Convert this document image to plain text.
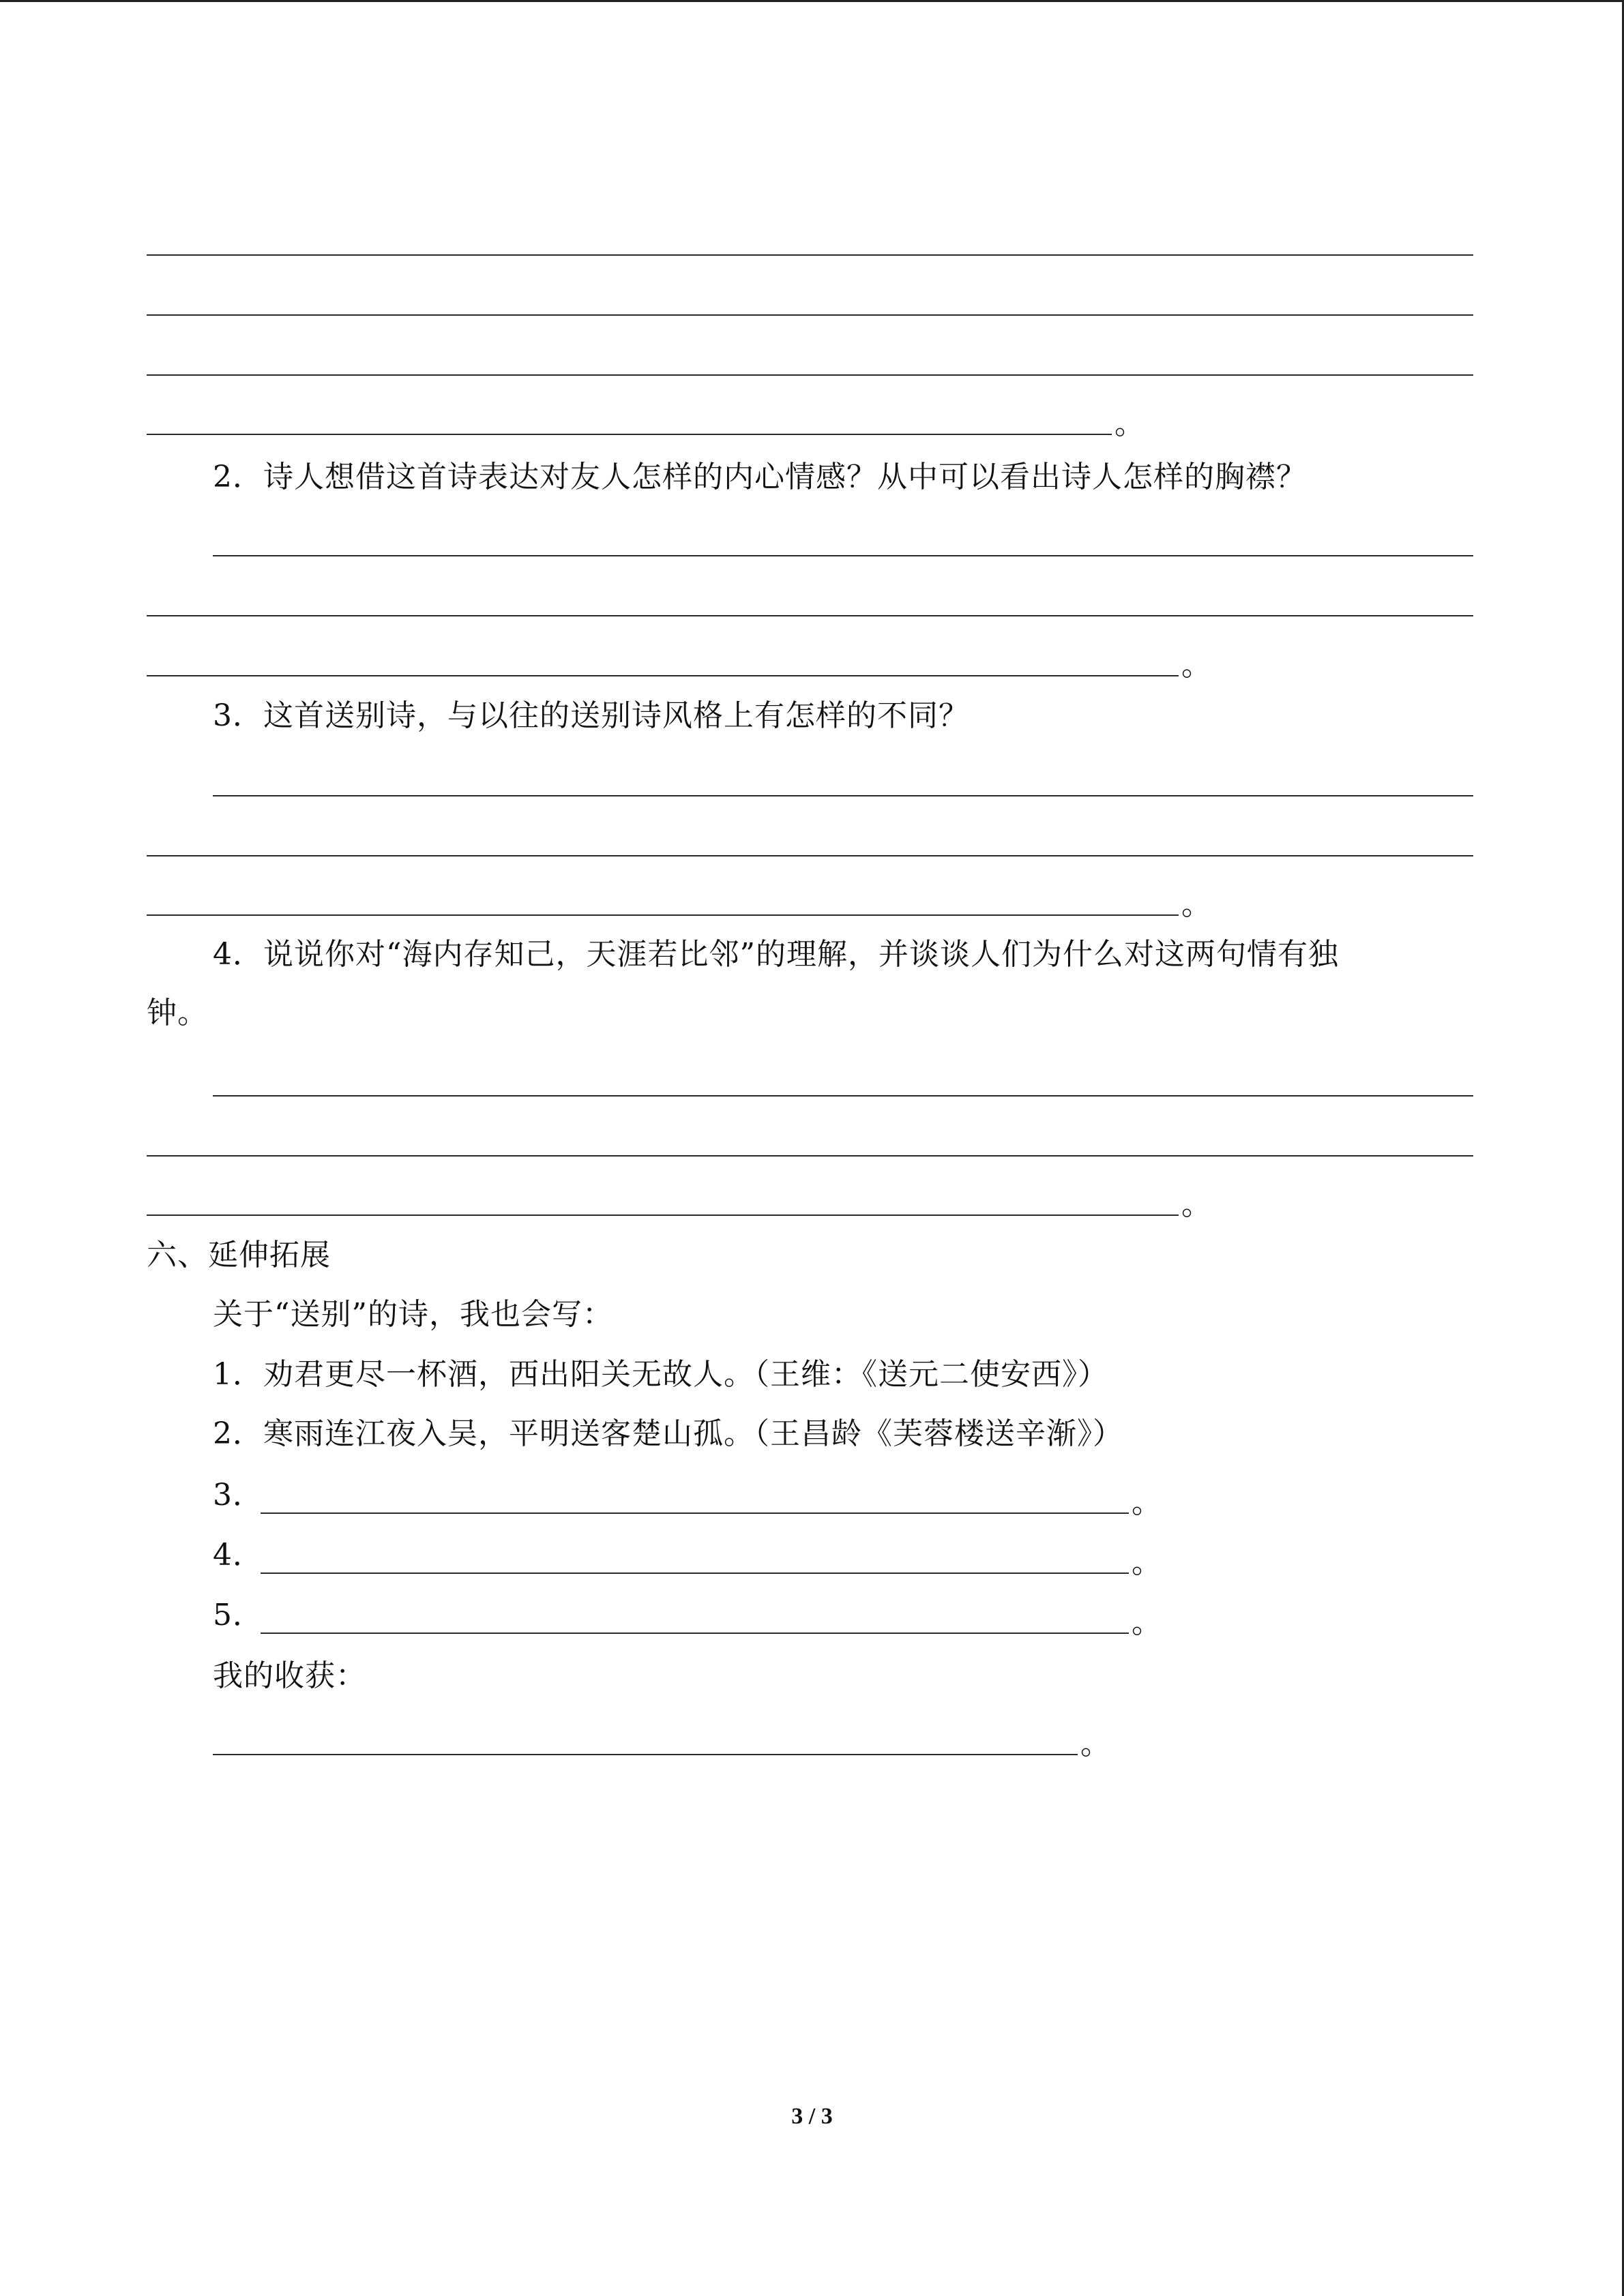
。
2．诗人想借这首诗表达对友人怎样的内心情感？从中可以看出诗人怎样的胸襟？
。
3．这首送别诗，与以往的送别诗风格上有怎样的不同？
。
4．说说你对“海内存知己，天涯若比邻”的理解，并谈谈人们为什么对这两句情有独
钟。
。
六、延伸拓展
关于“送别”的诗，我也会写：
1．劝君更尽一杯酒，西出阳关无故人。（王维：《送元二使安西》）
2．寒雨连江夜入吴，平明送客楚山孤。（王昌龄《芙蓉楼送辛渐》）
3．	。
4．	。
5．	。
我的收获：
。
3 / 3
